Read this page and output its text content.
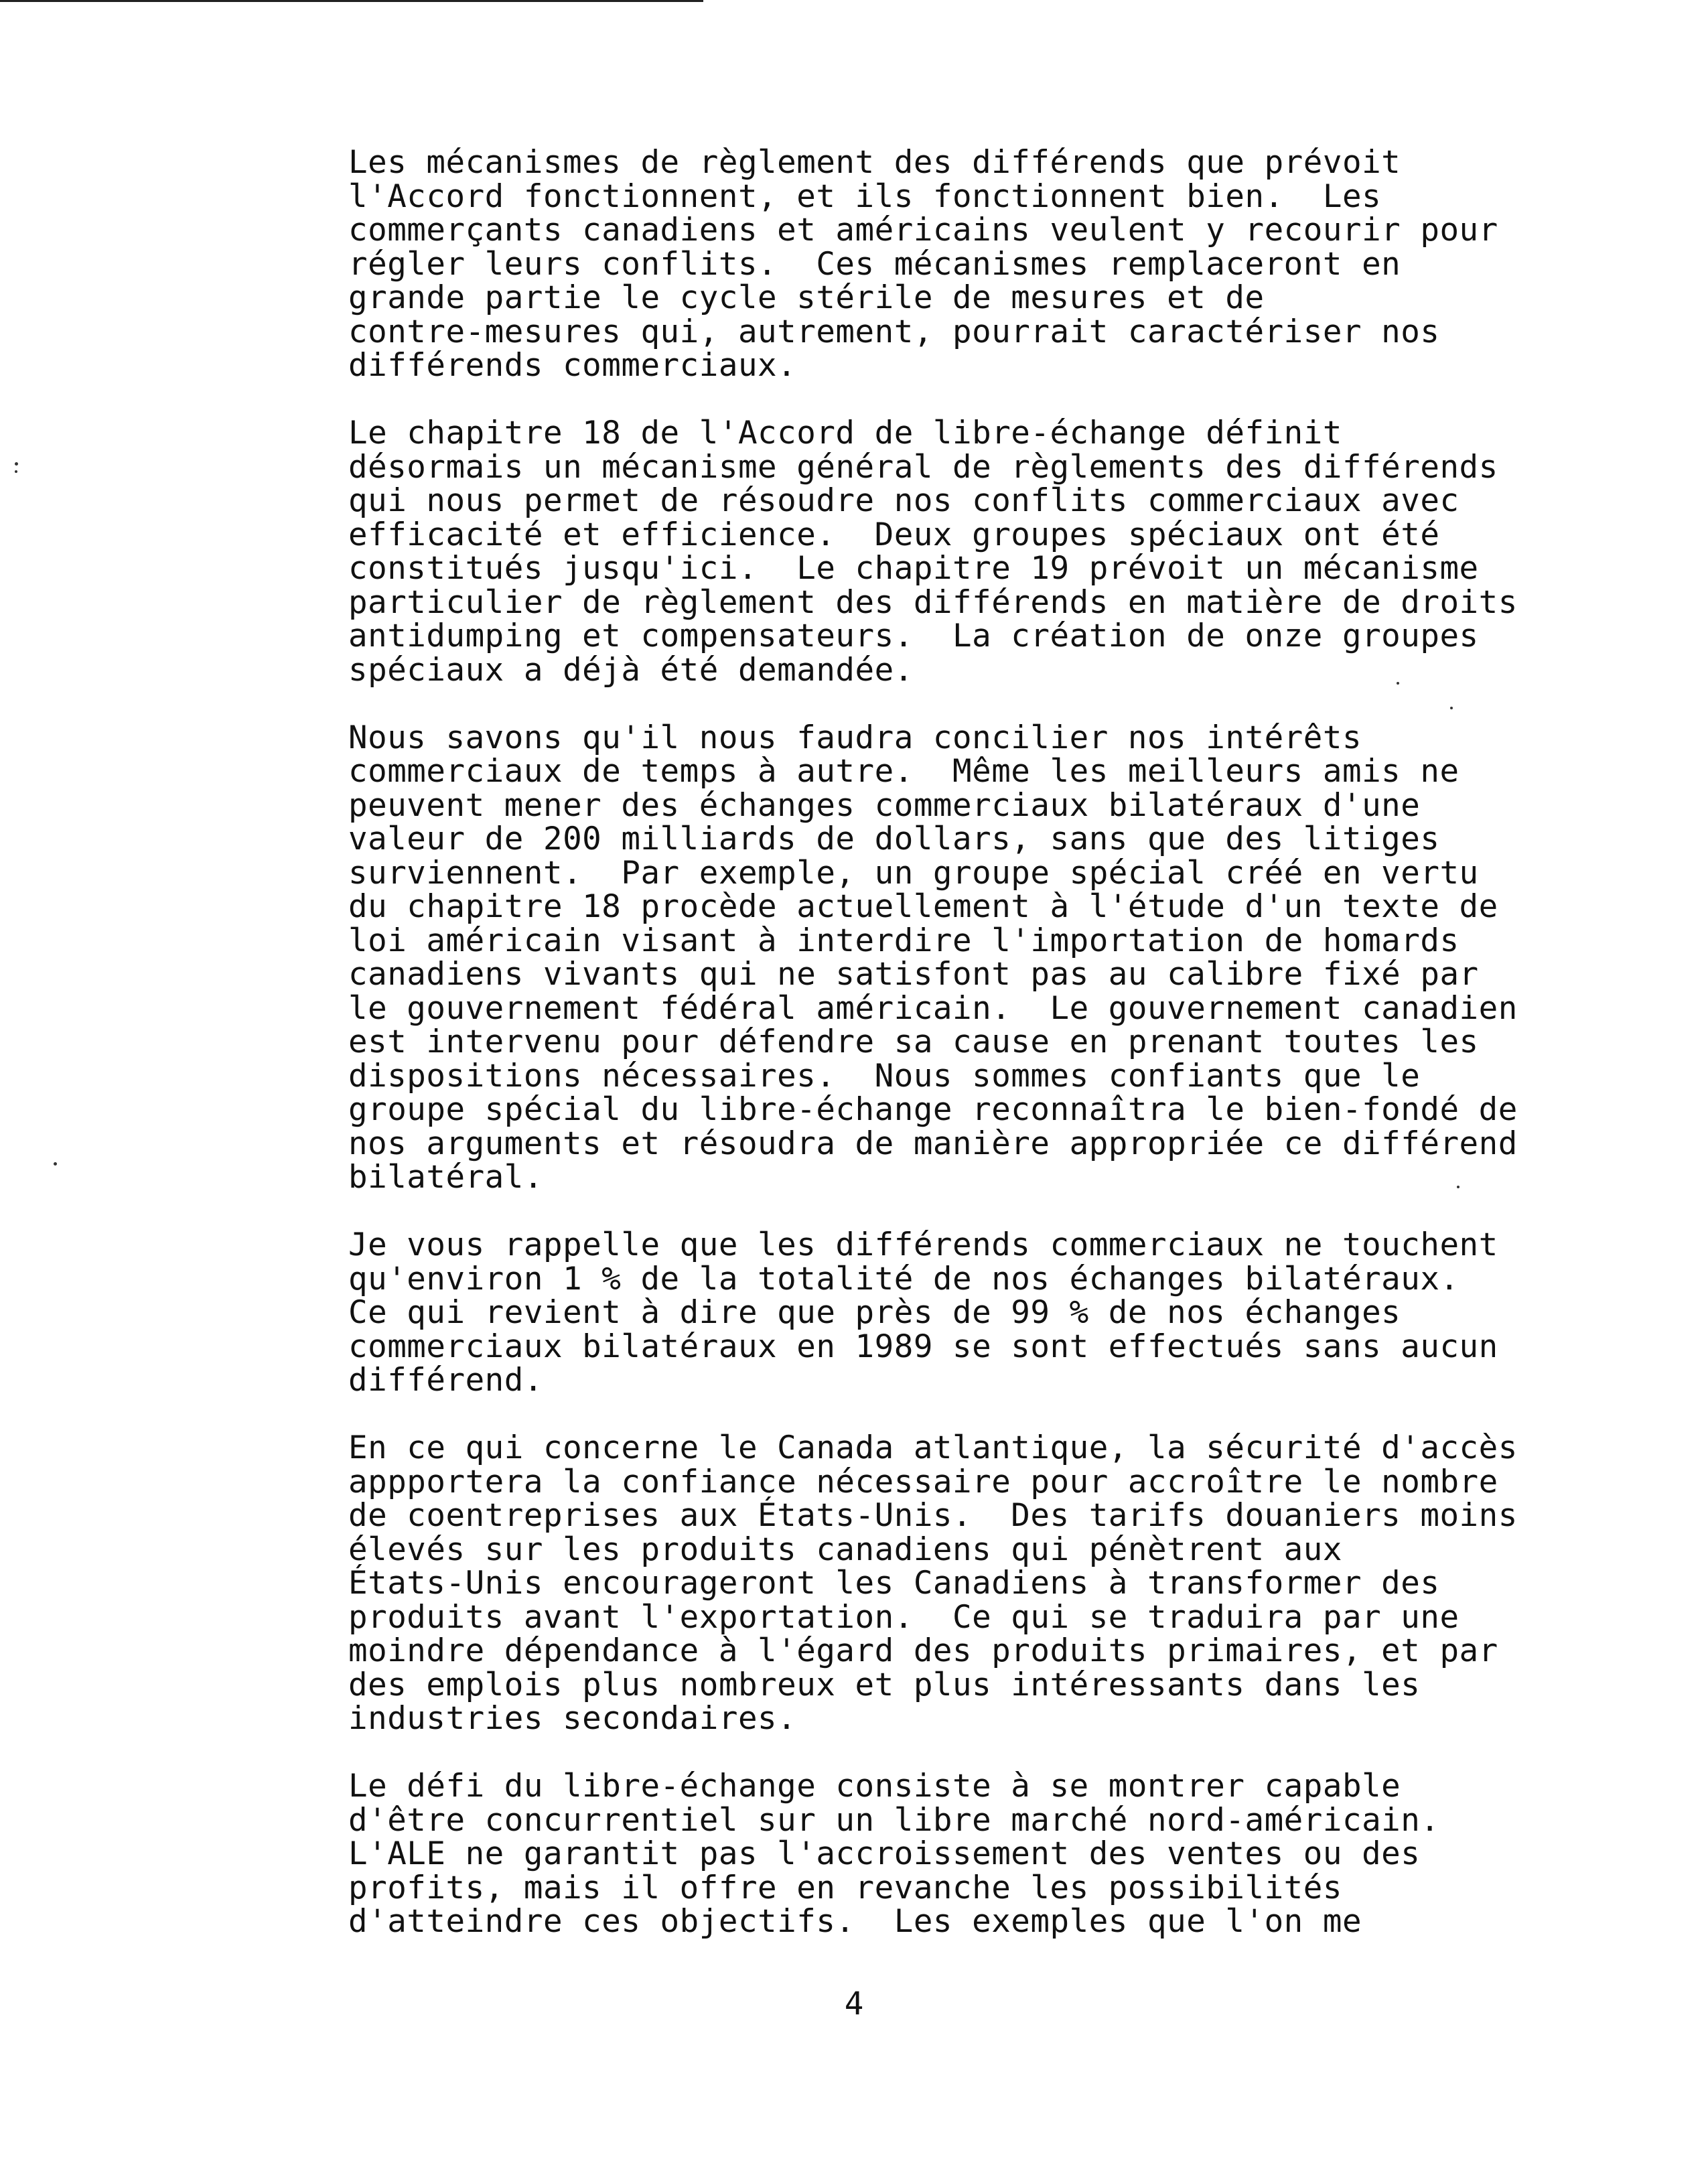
Les mécanismes de règlement des différends que prévoit
l'Accord fonctionnent, et ils fonctionnent bien.  Les
commerçants canadiens et américains veulent y recourir pour
régler leurs conflits.  Ces mécanismes remplaceront en
grande partie le cycle stérile de mesures et de
contre-mesures qui, autrement, pourrait caractériser nos
différends commerciaux.

Le chapitre 18 de l'Accord de libre-échange définit
désormais un mécanisme général de règlements des différends
qui nous permet de résoudre nos conflits commerciaux avec
efficacité et efficience.  Deux groupes spéciaux ont été
constitués jusqu'ici.  Le chapitre 19 prévoit un mécanisme
particulier de règlement des différends en matière de droits
antidumping et compensateurs.  La création de onze groupes
spéciaux a déjà été demandée.

Nous savons qu'il nous faudra concilier nos intérêts
commerciaux de temps à autre.  Même les meilleurs amis ne
peuvent mener des échanges commerciaux bilatéraux d'une
valeur de 200 milliards de dollars, sans que des litiges
surviennent.  Par exemple, un groupe spécial créé en vertu
du chapitre 18 procède actuellement à l'étude d'un texte de
loi américain visant à interdire l'importation de homards
canadiens vivants qui ne satisfont pas au calibre fixé par
le gouvernement fédéral américain.  Le gouvernement canadien
est intervenu pour défendre sa cause en prenant toutes les
dispositions nécessaires.  Nous sommes confiants que le
groupe spécial du libre-échange reconnaîtra le bien-fondé de
nos arguments et résoudra de manière appropriée ce différend
bilatéral.

Je vous rappelle que les différends commerciaux ne touchent
qu'environ 1 % de la totalité de nos échanges bilatéraux.
Ce qui revient à dire que près de 99 % de nos échanges
commerciaux bilatéraux en 1989 se sont effectués sans aucun
différend.

En ce qui concerne le Canada atlantique, la sécurité d'accès
appportera la confiance nécessaire pour accroître le nombre
de coentreprises aux États-Unis.  Des tarifs douaniers moins
élevés sur les produits canadiens qui pénètrent aux
États-Unis encourageront les Canadiens à transformer des
produits avant l'exportation.  Ce qui se traduira par une
moindre dépendance à l'égard des produits primaires, et par
des emplois plus nombreux et plus intéressants dans les
industries secondaires.

Le défi du libre-échange consiste à se montrer capable
d'être concurrentiel sur un libre marché nord-américain.
L'ALE ne garantit pas l'accroissement des ventes ou des
profits, mais il offre en revanche les possibilités
d'atteindre ces objectifs.  Les exemples que l'on me

4
